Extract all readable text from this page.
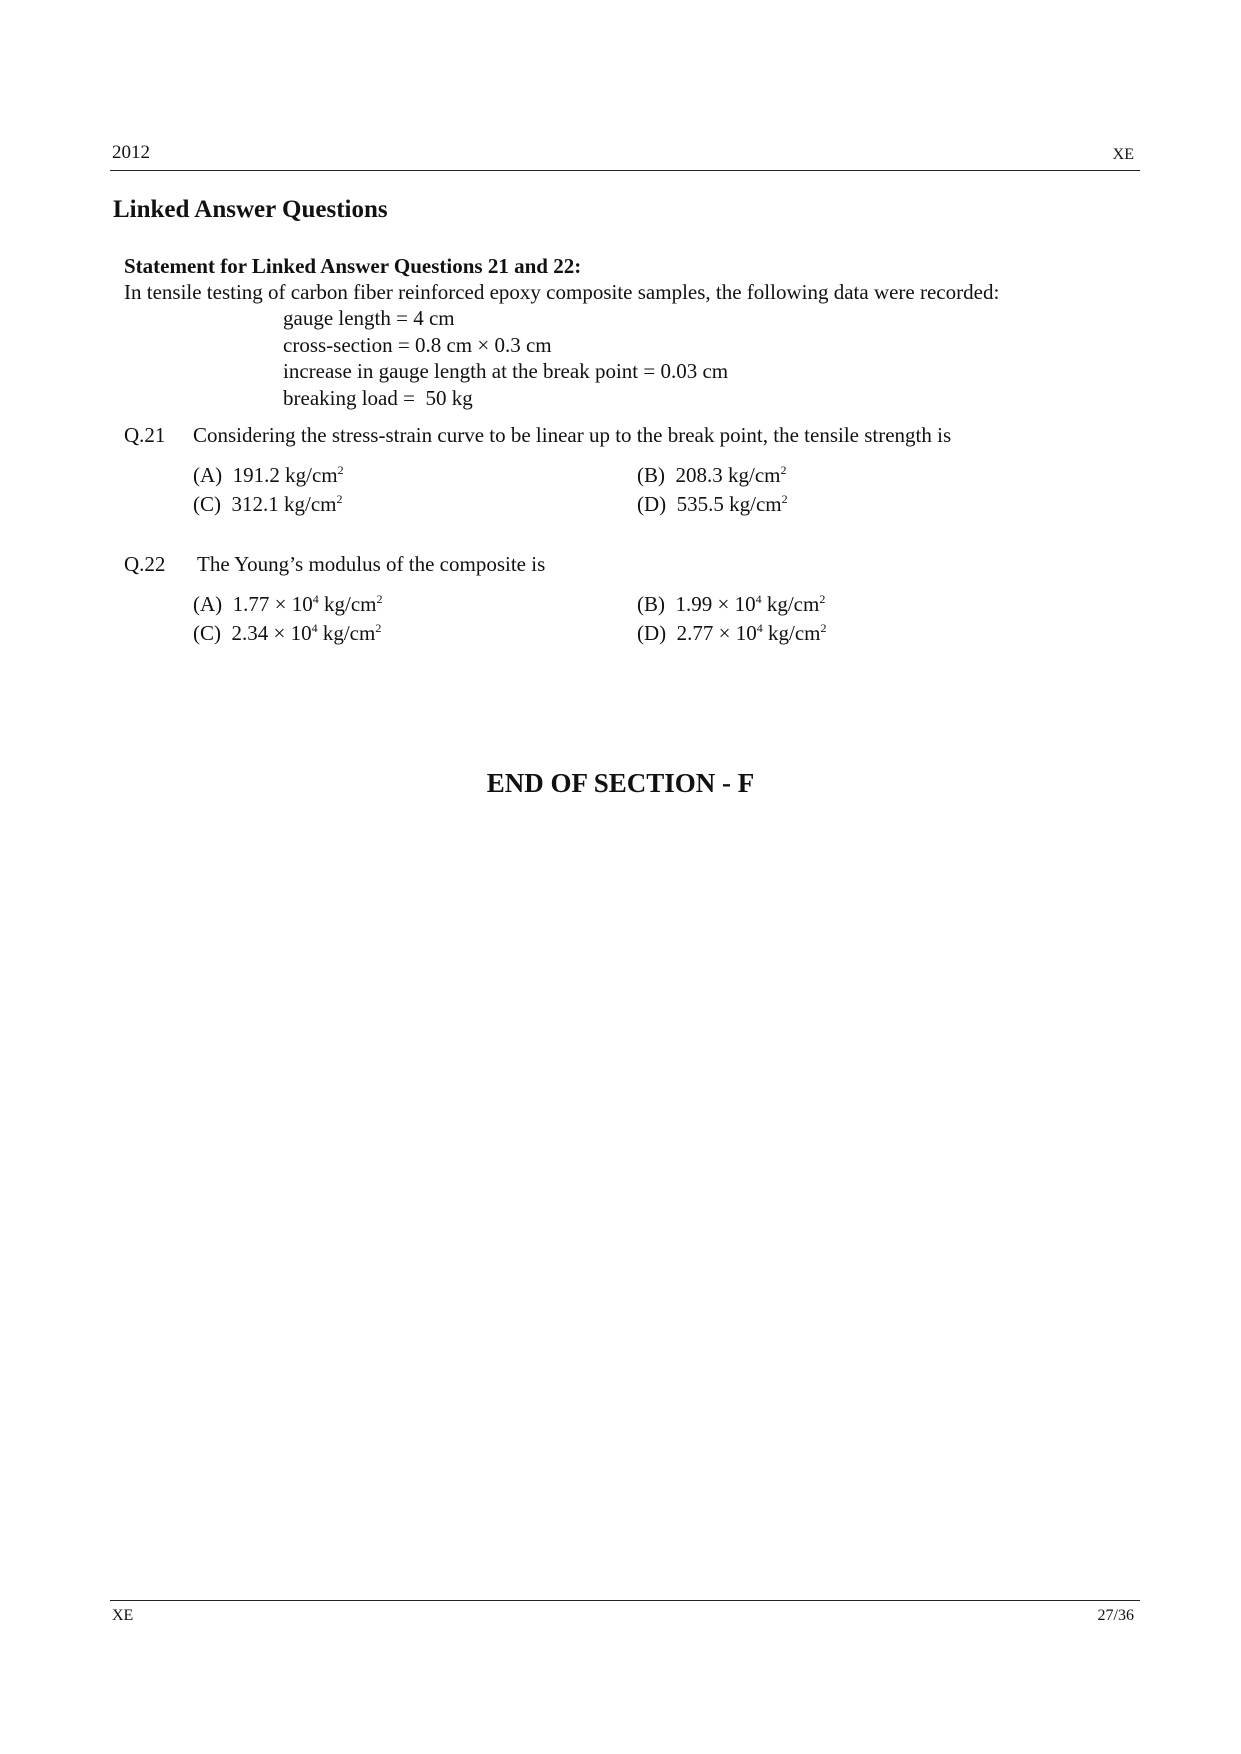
2012	XE
Linked Answer Questions
Statement for Linked Answer Questions 21 and 22:
In tensile testing of carbon fiber reinforced epoxy composite samples, the following data were recorded:
gauge length = 4 cm
cross-section = 0.8 cm × 0.3 cm
increase in gauge length at the break point = 0.03 cm
breaking load =  50 kg
Q.21 Considering the stress-strain curve to be linear up to the break point, the tensile strength is
(A) 191.2 $kg/cm^2$	(B) 208.3 $kg/cm^2$
(C) 312.1 $kg/cm^2$	(D) 535.5 $kg/cm^2$
Q.22 The Young’s modulus of the composite is
(A) $1.77 \times 10^4$ $kg/cm^2$	(B) $1.99 \times 10^4$ $kg/cm^2$
(C) $2.34 \times 10^4$ $kg/cm^2$	(D) $2.77 \times 10^4$ $kg/cm^2$
END OF SECTION - F
XE	27/36
